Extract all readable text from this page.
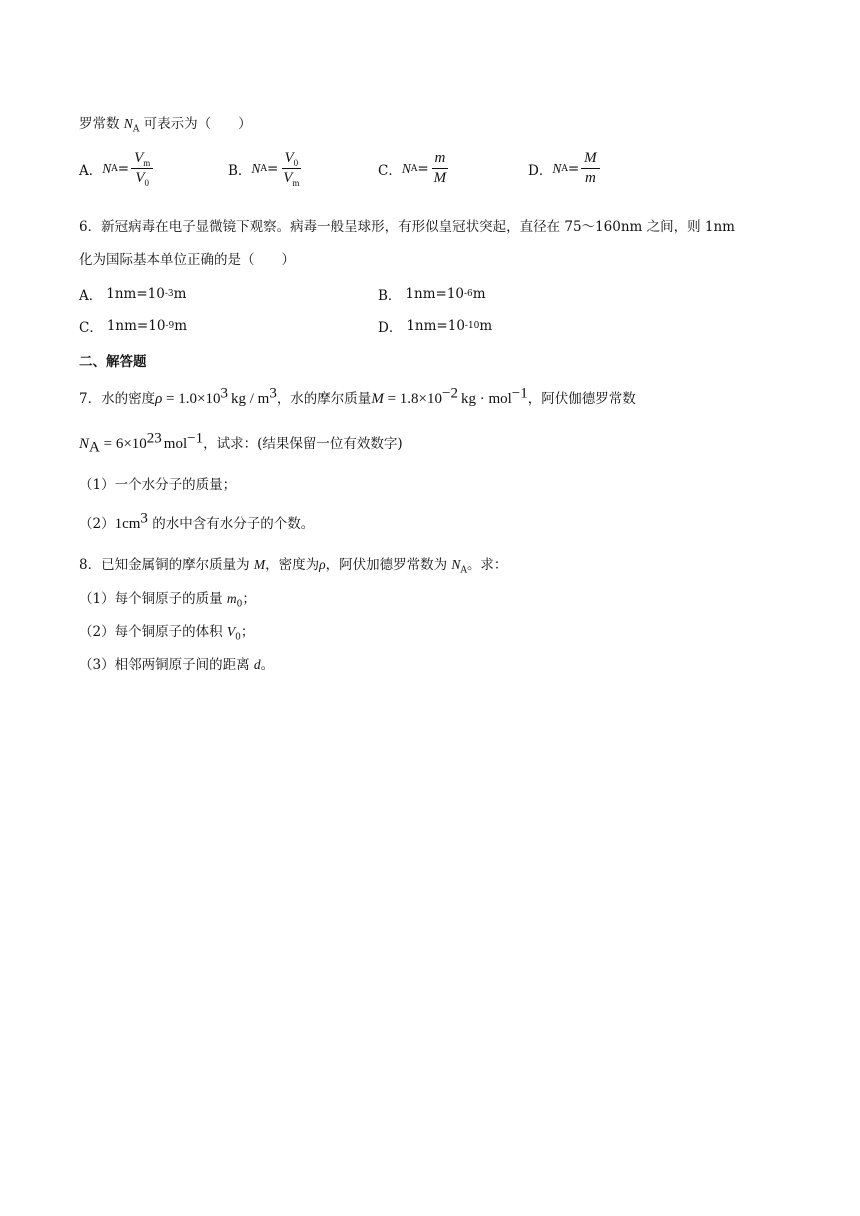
罗常数 $N_A$ 可表示为（　　）
A． N $A = \frac{V_m}{V_0}$	B． N $A = \frac{V_0}{V_m}$	C． N $A = \frac{m}{M}$	D． N $A = \frac{M}{m}$
6．新冠病毒在电子显微镜下观察。病毒一般呈球形，有形似皇冠状突起，直径在 75～160nm 之间，则 1nm
化为国际基本单位正确的是（　　）
A． 1nm=10 -3 m	B． 1nm=10 -6 m
C． 1nm=10 -9 m	D． 1nm=10 -10 m
二、解答题
7．水的密度$\rho = 1.0\times 10^3$ kg / $m^3$，水的摩尔质量$M = 1.8\times 10^{-2}$ kg · mol$^{-1}$，阿伏伽德罗常数
$N_A = 6\times 10^{23}$ mol$^{-1}$，试求：(结果保留一位有效数字)
（1）一个水分子的质量；
$(2)1cm^3$ 的水中含有水分子的个数。
8．已知金属铜的摩尔质量为 M，密度为ρ，阿伏加德罗常数为 $N_A$。求：
（1）每个铜原子的质量 $m_0$；
（2）每个铜原子的体积 $V_0$；
（3）相邻两铜原子间的距离 d。
